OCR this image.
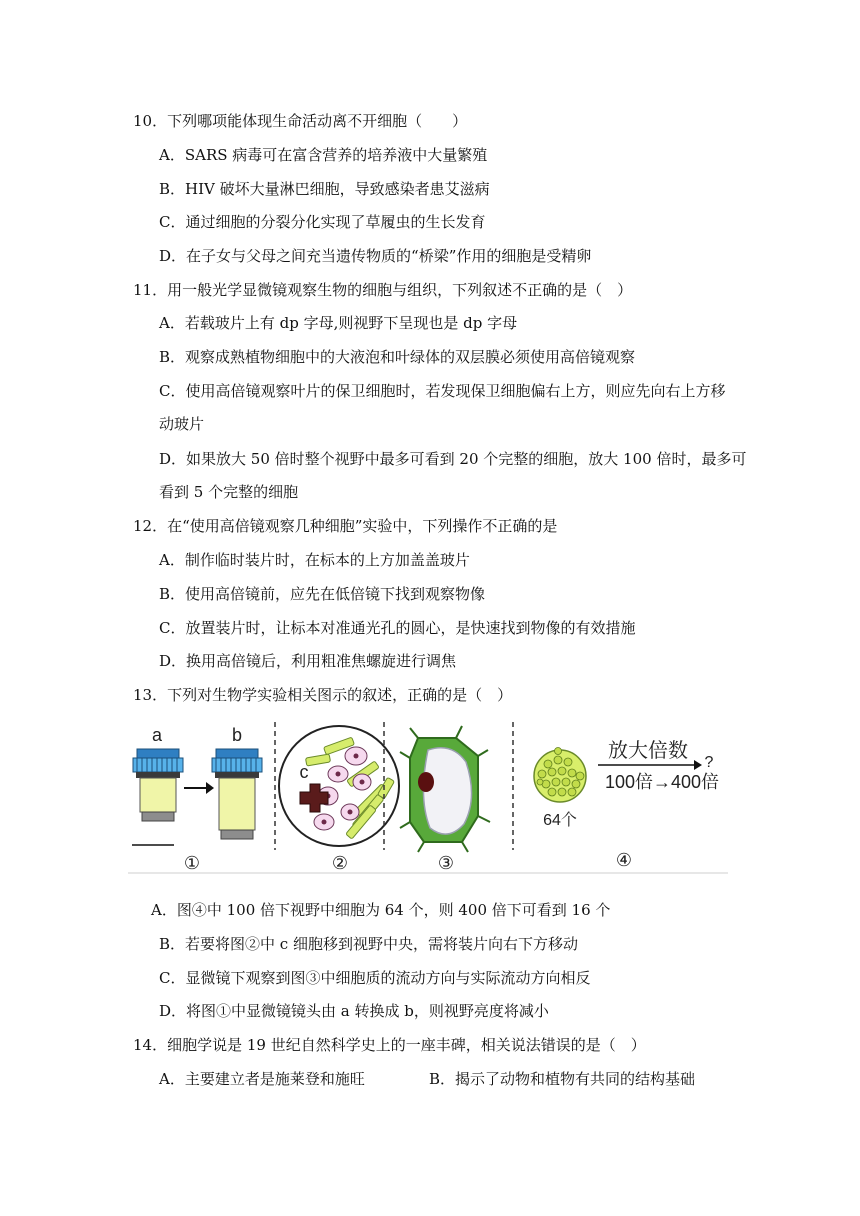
10．下列哪项能体现生命活动离不开细胞（　　）
A．SARS 病毒可在富含营养的培养液中大量繁殖
B．HIV 破坏大量淋巴细胞，导致感染者患艾滋病
C．通过细胞的分裂分化实现了草履虫的生长发育
D．在子女与父母之间充当遗传物质的“桥梁”作用的细胞是受精卵
11．用一般光学显微镜观察生物的细胞与组织，下列叙述不正确的是（　）
A．若载玻片上有 dp 字母,则视野下呈现也是 dp 字母
B．观察成熟植物细胞中的大液泡和叶绿体的双层膜必须使用高倍镜观察
C．使用高倍镜观察叶片的保卫细胞时，若发现保卫细胞偏右上方，则应先向右上方移
动玻片
D．如果放大 50 倍时整个视野中最多可看到 20 个完整的细胞，放大 100 倍时，最多可
看到 5 个完整的细胞
12．在“使用高倍镜观察几种细胞”实验中，下列操作不正确的是
A．制作临时装片时，在标本的上方加盖盖玻片
B．使用高倍镜前，应先在低倍镜下找到观察物像
C．放置装片时，让标本对准通光孔的圆心，是快速找到物像的有效措施
D．换用高倍镜后，利用粗准焦螺旋进行调焦
13．下列对生物学实验相关图示的叙述，正确的是（　）
a	b
①
c
②	③
64个
放大倍数
?
100倍→400倍
④
A．图④中 100 倍下视野中细胞为 64 个，则 400 倍下可看到 16 个
B．若要将图②中 c 细胞移到视野中央，需将装片向右下方移动
C．显微镜下观察到图③中细胞质的流动方向与实际流动方向相反
D．将图①中显微镜镜头由 a 转换成 b，则视野亮度将减小
14．细胞学说是 19 世纪自然科学史上的一座丰碑，相关说法错误的是（　）
A．主要建立者是施莱登和施旺	B．揭示了动物和植物有共同的结构基础
